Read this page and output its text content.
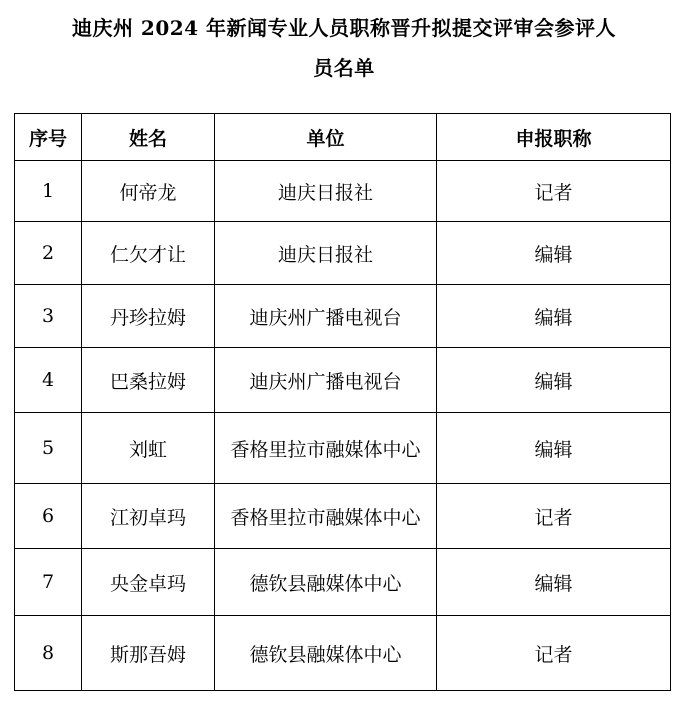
迪庆州 2024 年新闻专业人员职称晋升拟提交评审会参评人
员名单
序号	姓名	单位	申报职称
1	何帝龙	迪庆日报社	记者
2	仁欠才让	迪庆日报社	编辑
3	丹珍拉姆	迪庆州广播电视台	编辑
4	巴桑拉姆	迪庆州广播电视台	编辑
5	刘虹	香格里拉市融媒体中心	编辑
6	江初卓玛	香格里拉市融媒体中心	记者
7	央金卓玛	德钦县融媒体中心	编辑
8	斯那吾姆	德钦县融媒体中心	记者
